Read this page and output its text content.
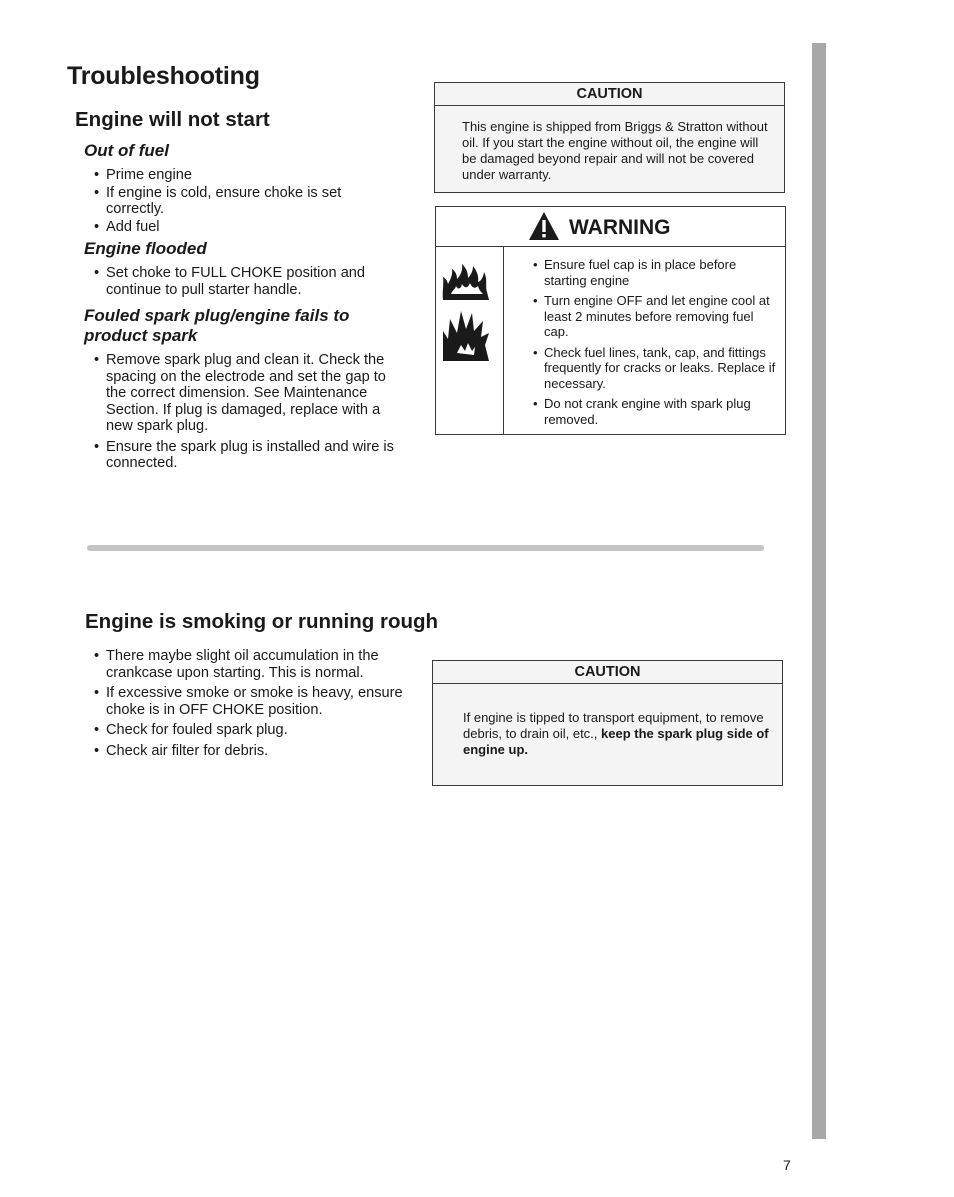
Troubleshooting
Engine will not start
Out of fuel
• Prime engine
• If engine is cold, ensure choke is set correctly.
• Add fuel
Engine flooded
• Set choke to FULL CHOKE position and continue to pull starter handle.
Fouled spark plug/engine fails to product spark
• Remove spark plug and clean it. Check the spacing on the electrode and set the gap to the correct dimension. See Maintenance Section. If plug is damaged, replace with a new spark plug.
• Ensure the spark plug is installed and wire is connected.
CAUTION
This engine is shipped from Briggs & Stratton without oil. If you start the engine without oil, the engine will be damaged beyond repair and will not be covered under warranty.
WARNING
• Ensure fuel cap is in place before starting engine
• Turn engine OFF and let engine cool at least 2 minutes before removing fuel cap.
• Check fuel lines, tank, cap, and fittings frequently for cracks or leaks. Replace if necessary.
• Do not crank engine with spark plug removed.
Engine is smoking or running rough
• There maybe slight oil accumulation in the crankcase upon starting. This is normal.
• If excessive smoke or smoke is heavy, ensure choke is in OFF CHOKE position.
• Check for fouled spark plug.
• Check air filter for debris.
CAUTION
If engine is tipped to transport equipment, to remove debris, to drain oil, etc., keep the spark plug side of engine up.
7
